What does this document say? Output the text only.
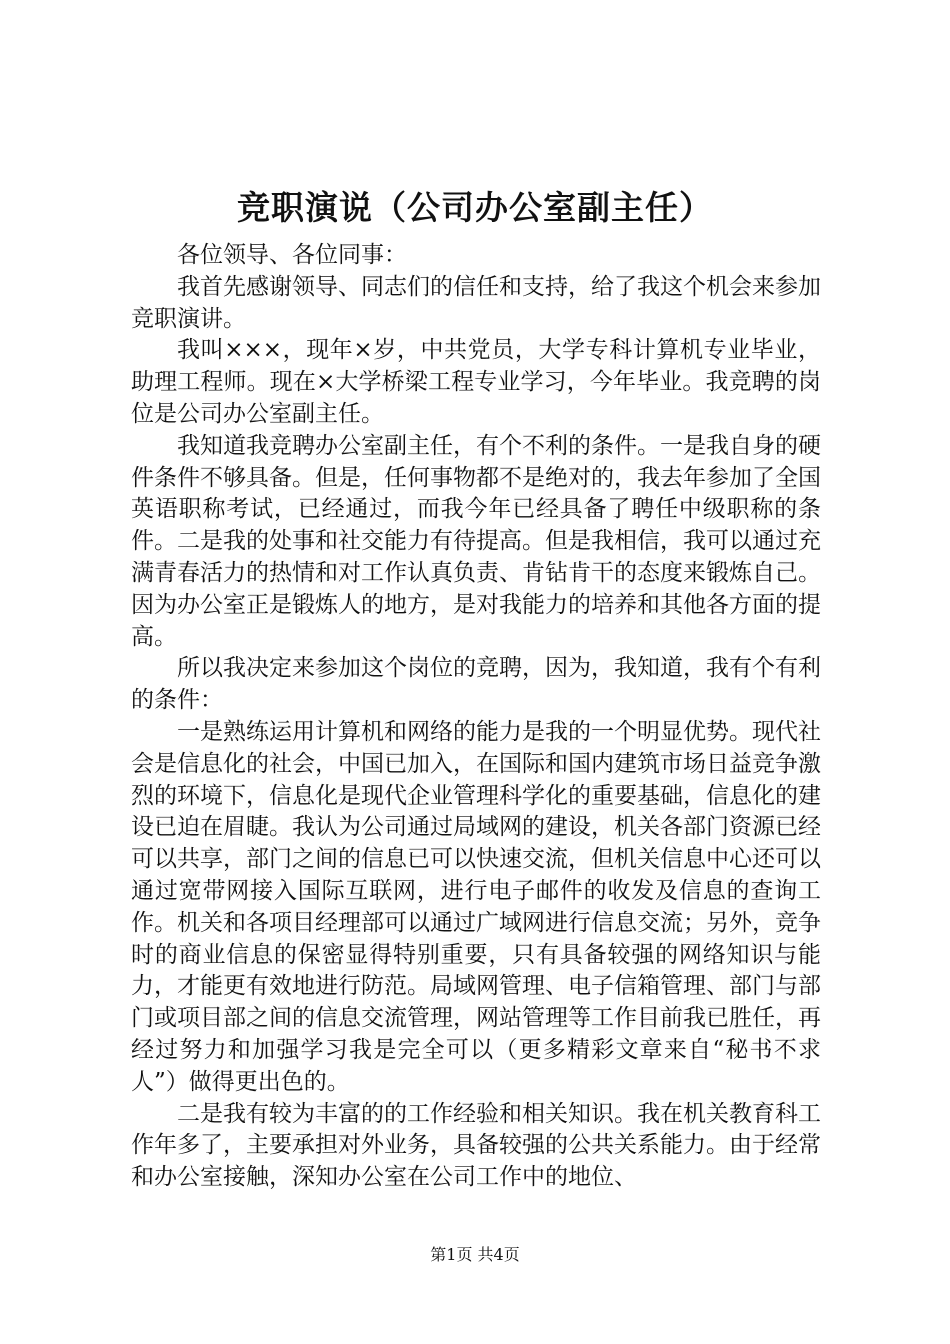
竞职演说（公司办公室副主任）

各位领导、各位同事：

我首先感谢领导、同志们的信任和支持，给了我这个机会来参加竞职演讲。

我叫×××，现年×岁，中共党员，大学专科计算机专业毕业，助理工程师。现在×大学桥梁工程专业学习，今年毕业。我竞聘的岗位是公司办公室副主任。

我知道我竞聘办公室副主任，有个不利的条件。一是我自身的硬件条件不够具备。但是，任何事物都不是绝对的，我去年参加了全国英语职称考试，已经通过，而我今年已经具备了聘任中级职称的条件。二是我的处事和社交能力有待提高。但是我相信，我可以通过充满青春活力的热情和对工作认真负责、肯钻肯干的态度来锻炼自己。因为办公室正是锻炼人的地方，是对我能力的培养和其他各方面的提高。

所以我决定来参加这个岗位的竞聘，因为，我知道，我有个有利的条件：

一是熟练运用计算机和网络的能力是我的一个明显优势。现代社会是信息化的社会，中国已加入，在国际和国内建筑市场日益竞争激烈的环境下，信息化是现代企业管理科学化的重要基础，信息化的建设已迫在眉睫。我认为公司通过局域网的建设，机关各部门资源已经可以共享，部门之间的信息已可以快速交流，但机关信息中心还可以通过宽带网接入国际互联网，进行电子邮件的收发及信息的查询工作。机关和各项目经理部可以通过广域网进行信息交流；另外，竞争时的商业信息的保密显得特别重要，只有具备较强的网络知识与能力，才能更有效地进行防范。局域网管理、电子信箱管理、部门与部门或项目部之间的信息交流管理，网站管理等工作目前我已胜任，再经过努力和加强学习我是完全可以（更多精彩文章来自“秘书不求人”）做得更出色的。

二是我有较为丰富的的工作经验和相关知识。我在机关教育科工作年多了，主要承担对外业务，具备较强的公共关系能力。由于经常和办公室接触，深知办公室在公司工作中的地位、

第1页 共4页
